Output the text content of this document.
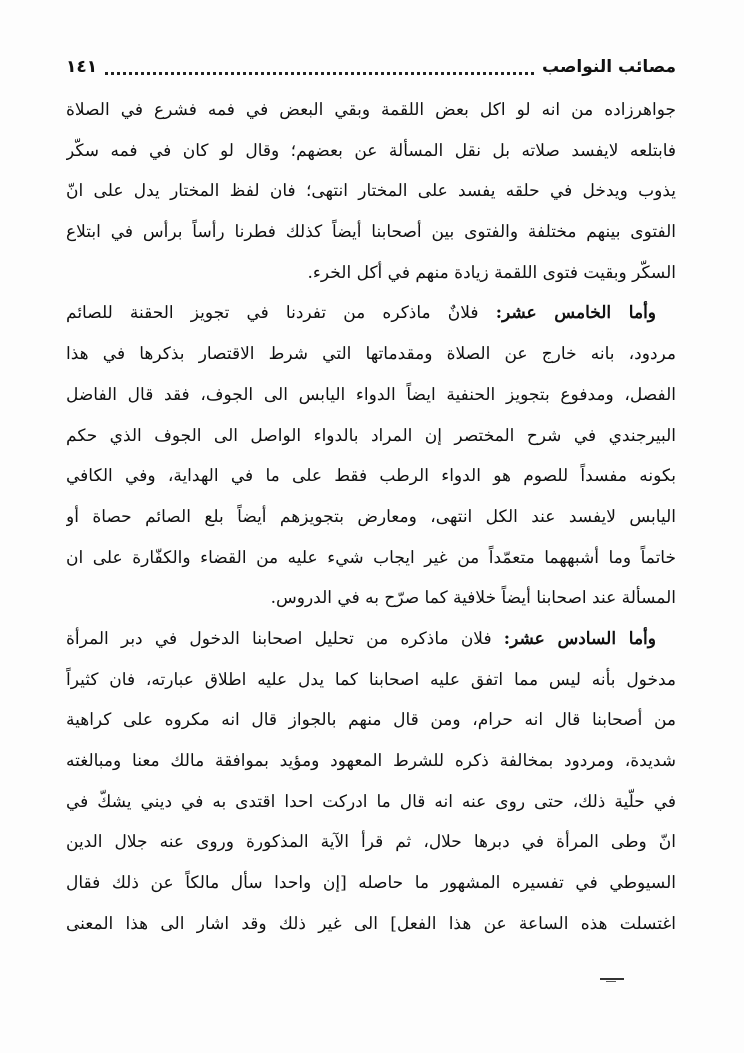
مصائب النواصب
١٤١
جواهرزاده من انه لو اكل بعض اللقمة وبقي البعض في فمه فشرع في الصلاة
فابتلعه لايفسد صلاته بل نقل المسألة عن بعضهم؛ وقال لو كان في فمه سكّر
يذوب ويدخل في حلقه يفسد على المختار انتهى؛ فان لفظ المختار يدل على انّ
الفتوى بينهم مختلفة والفتوى بين أصحابنا أيضاً كذلك فطرنا رأساً برأس في ابتلاع
السكّر وبقيت فتوى اللقمة زيادة منهم في أكل الخرء.
وأما الخامس عشر: فلانٌ ماذكره من تفردنا في تجويز الحقنة للصائم
مردود، بانه خارج عن الصلاة ومقدماتها التي شرط الاقتصار بذكرها في هذا
الفصل، ومدفوع بتجويز الحنفية ايضاً الدواء اليابس الى الجوف، فقد قال الفاضل
البيرجندي في شرح المختصر إن المراد بالدواء الواصل الى الجوف الذي حكم
بكونه مفسداً للصوم هو الدواء الرطب فقط على ما في الهداية، وفي الكافي
اليابس لايفسد عند الكل انتهى، ومعارض بتجويزهم أيضاً بلع الصائم حصاة أو
خاتماً وما أشبههما متعمّداً من غير ايجاب شيء عليه من القضاء والكفّارة على ان
المسألة عند اصحابنا أيضاً خلافية كما صرّح به في الدروس.
وأما السادس عشر: فلان ماذكره من تحليل اصحابنا الدخول في دبر المرأة
مدخول بأنه ليس مما اتفق عليه اصحابنا كما يدل عليه اطلاق عبارته، فان كثيراً
من أصحابنا قال انه حرام، ومن قال منهم بالجواز قال انه مكروه على كراهية
شديدة، ومردود بمخالفة ذكره للشرط المعهود ومؤيد بموافقة مالك معنا ومبالغته
في حلّية ذلك، حتى روى عنه انه قال ما ادركت احدا اقتدى به في ديني يشكّ في
انّ وطى المرأة في دبرها حلال، ثم قرأ الآية المذكورة وروى عنه جلال الدين
السيوطي في تفسيره المشهور ما حاصله [إن واحدا سأل مالكاً عن ذلك فقال
اغتسلت هذه الساعة عن هذا الفعل] الى غير ذلك وقد اشار الى هذا المعنى
